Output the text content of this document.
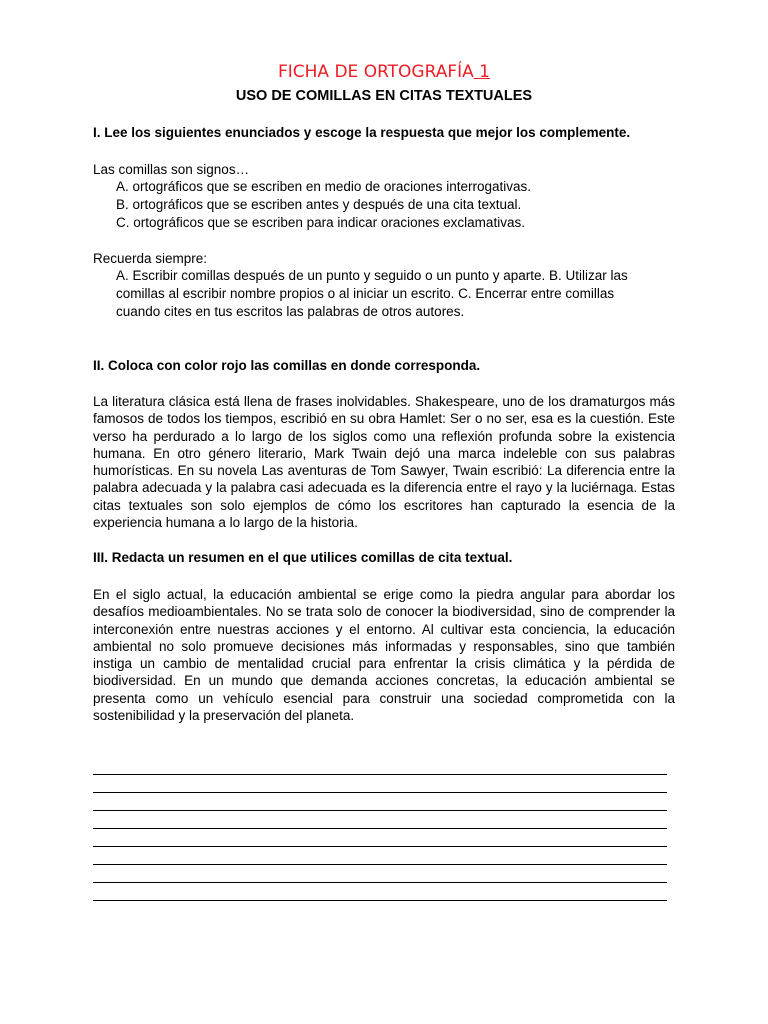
FICHA DE ORTOGRAFÍA 1
USO DE COMILLAS EN CITAS TEXTUALES
I. Lee los siguientes enunciados y escoge la respuesta que mejor los complemente.
Las comillas son signos…
A. ortográficos que se escriben en medio de oraciones interrogativas.
B. ortográficos que se escriben antes y después de una cita textual.
C. ortográficos que se escriben para indicar oraciones exclamativas.
Recuerda siempre:
A. Escribir comillas después de un punto y seguido o un punto y aparte. B. Utilizar las comillas al escribir nombre propios o al iniciar un escrito. C. Encerrar entre comillas cuando cites en tus escritos las palabras de otros autores.
II. Coloca con color rojo las comillas en donde corresponda.
La literatura clásica está llena de frases inolvidables. Shakespeare, uno de los dramaturgos más famosos de todos los tiempos, escribió en su obra Hamlet: Ser o no ser, esa es la cuestión. Este verso ha perdurado a lo largo de los siglos como una reflexión profunda sobre la existencia humana. En otro género literario, Mark Twain dejó una marca indeleble con sus palabras humorísticas. En su novela Las aventuras de Tom Sawyer, Twain escribió: La diferencia entre la palabra adecuada y la palabra casi adecuada es la diferencia entre el rayo y la luciérnaga. Estas citas textuales son solo ejemplos de cómo los escritores han capturado la esencia de la experiencia humana a lo largo de la historia.
III. Redacta un resumen en el que utilices comillas de cita textual.
En el siglo actual, la educación ambiental se erige como la piedra angular para abordar los desafíos medioambientales. No se trata solo de conocer la biodiversidad, sino de comprender la interconexión entre nuestras acciones y el entorno. Al cultivar esta conciencia, la educación ambiental no solo promueve decisiones más informadas y responsables, sino que también instiga un cambio de mentalidad crucial para enfrentar la crisis climática y la pérdida de biodiversidad. En un mundo que demanda acciones concretas, la educación ambiental se presenta como un vehículo esencial para construir una sociedad comprometida con la sostenibilidad y la preservación del planeta.
